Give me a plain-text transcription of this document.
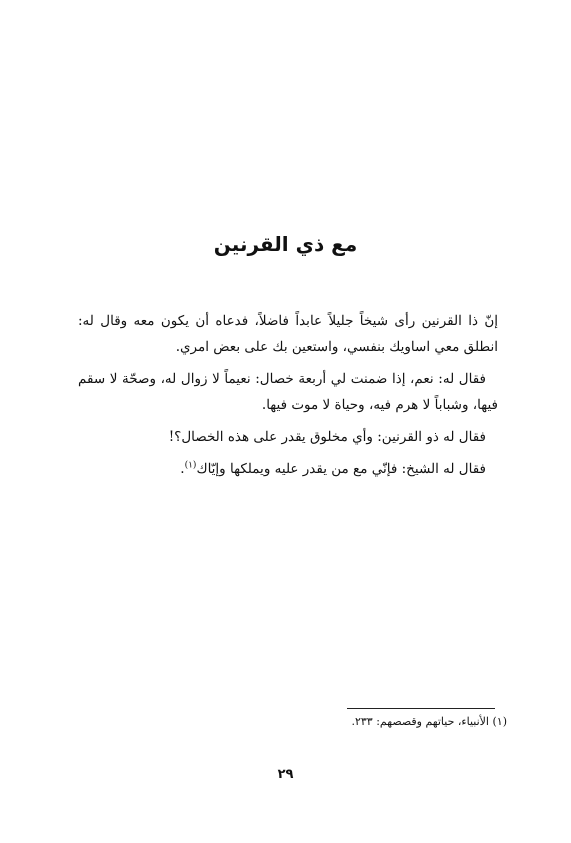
مع ذي القرنين

إنّ ذا القرنين رأى شيخاً جليلاً عابداً فاضلاً، فدعاه أن يكون معه وقال له: انطلق معي اساويك بنفسي، واستعين بك على بعض امري.

فقال له: نعم، إذا ضمنت لي أربعة خصال: نعيماً لا زوال له، وصحّة لا سقم فيها، وشباباً لا هرم فيه، وحياة لا موت فيها.

فقال له ذو القرنين: وأي مخلوق يقدر على هذه الخصال؟!

فقال له الشيخ: فإنّي مع من يقدر عليه ويملكها وإيّاك$^{(١)}$.

(١) الأنبياء، حياتهم وقصصهم: ٢٣٣.
٢٩
